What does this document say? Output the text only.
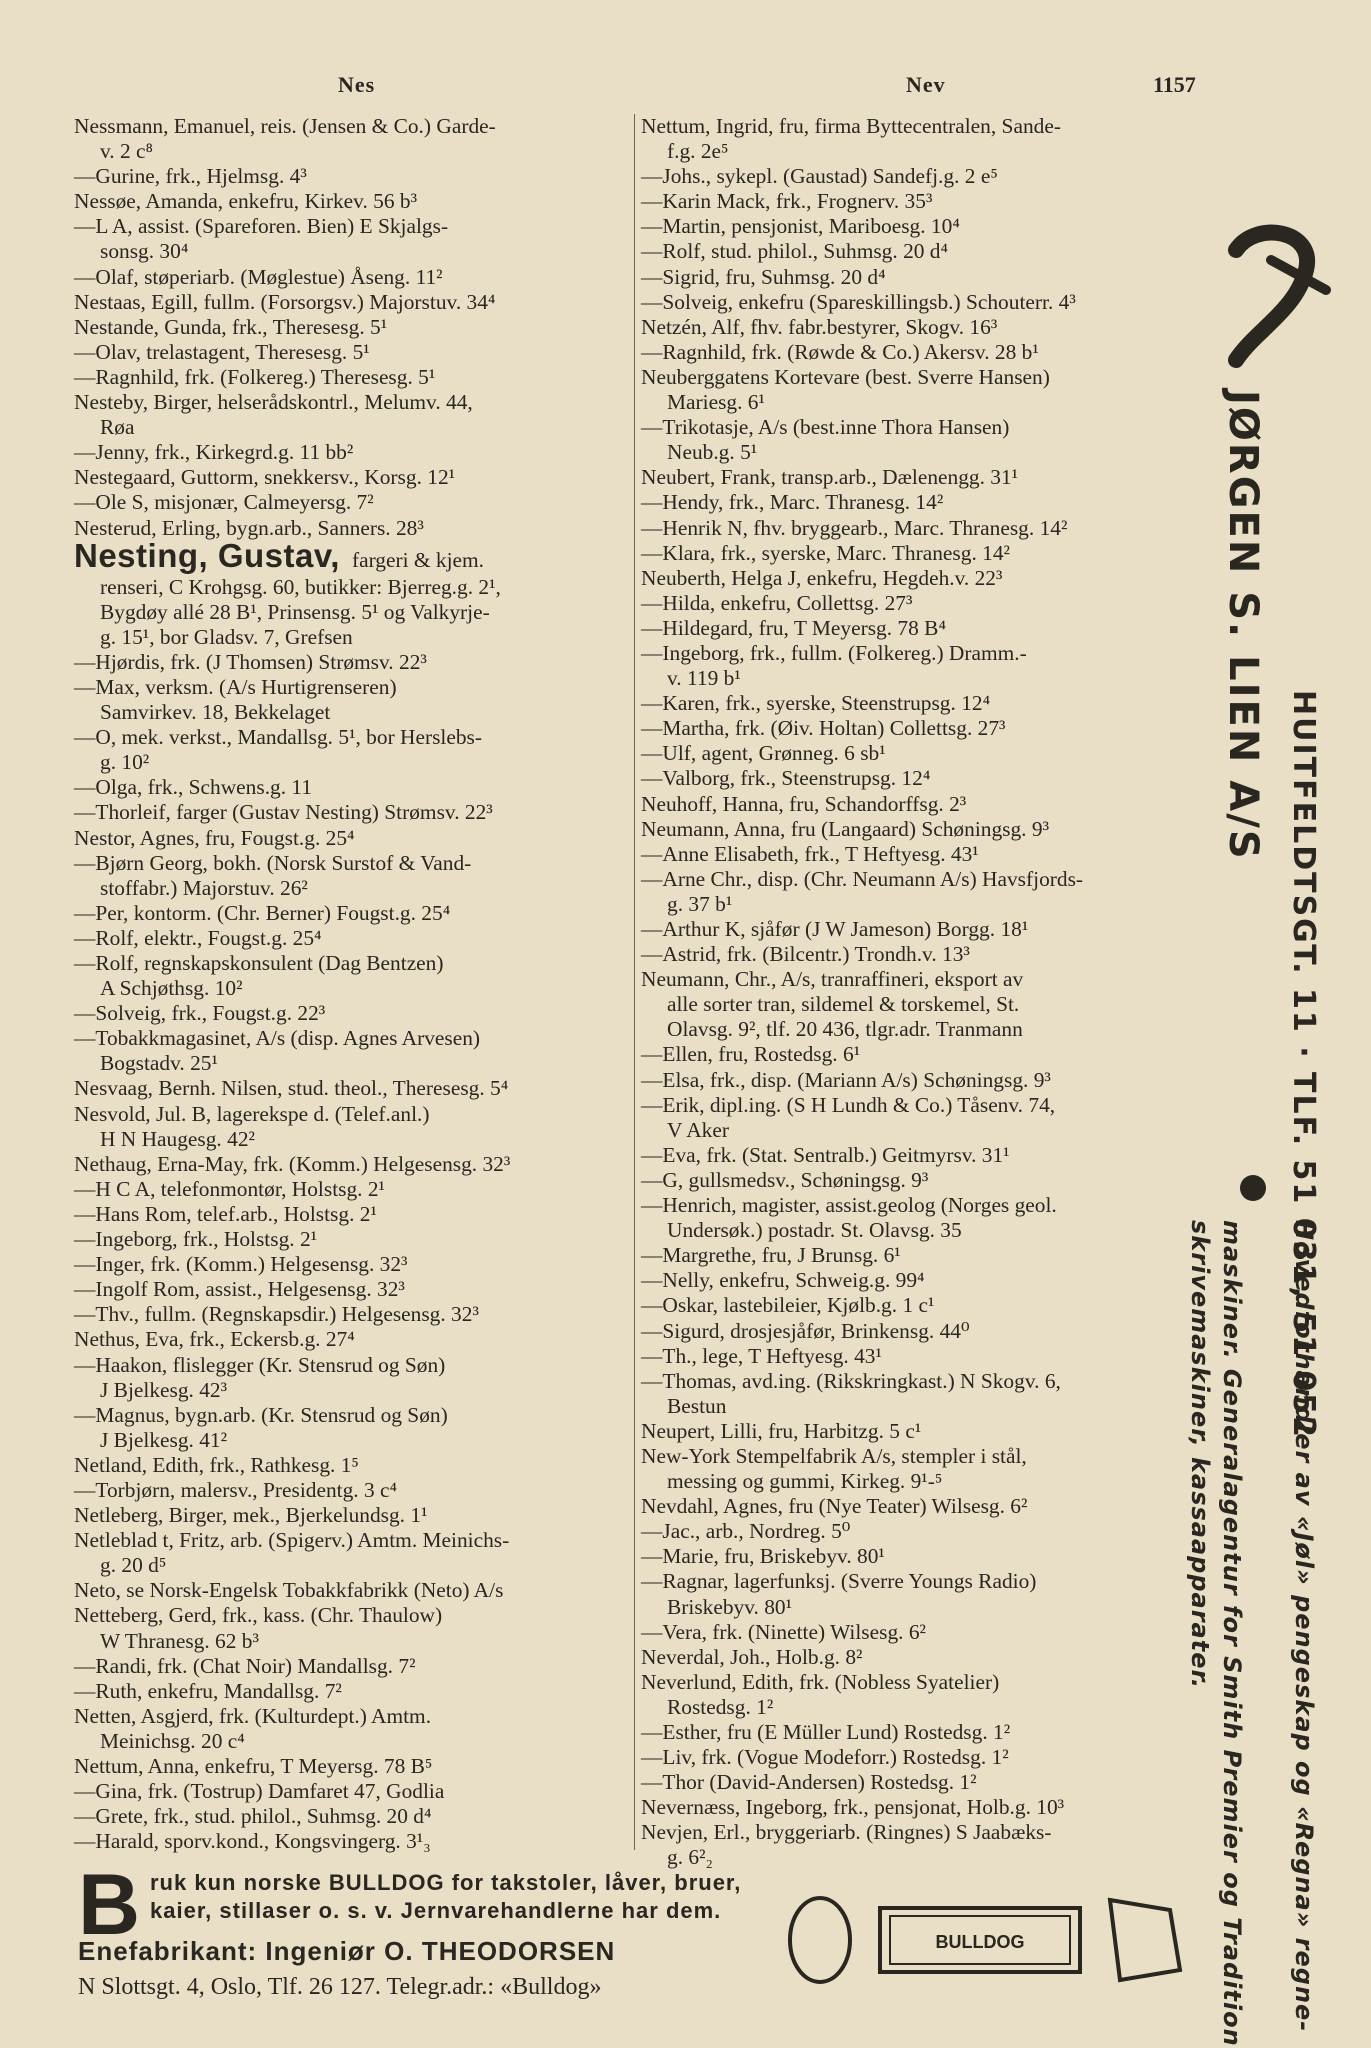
Nes	Nev	1157
Nessmann, Emanuel, reis. (Jensen & Co.) Garde-
v. 2 c⁸
—Gurine, frk., Hjelmsg. 4³
Nessøe, Amanda, enkefru, Kirkev. 56 b³
—L A, assist. (Spareforen. Bien) E Skjalgs-
sonsg. 30⁴
—Olaf, støperiarb. (Møglestue) Åseng. 11²
Nestaas, Egill, fullm. (Forsorgsv.) Majorstuv. 34⁴
Nestande, Gunda, frk., Theresesg. 5¹
—Olav, trelastagent, Theresesg. 5¹
—Ragnhild, frk. (Folkereg.) Theresesg. 5¹
Nesteby, Birger, helserådskontrl., Melumv. 44,
Røa
—Jenny, frk., Kirkegrd.g. 11 bb²
Nestegaard, Guttorm, snekkersv., Korsg. 12¹
—Ole S, misjonær, Calmeyersg. 7²
Nesterud, Erling, bygn.arb., Sanners. 28³
Nesting, Gustav, fargeri & kjem.
renseri, C Krohgsg. 60, butikker: Bjerreg.g. 2¹,
Bygdøy allé 28 B¹, Prinsensg. 5¹ og Valkyrje-
g. 15¹, bor Gladsv. 7, Grefsen
—Hjørdis, frk. (J Thomsen) Strømsv. 22³
—Max, verksm. (A/s Hurtigrenseren)
Samvirkev. 18, Bekkelaget
—O, mek. verkst., Mandallsg. 5¹, bor Herslebs-
g. 10²
—Olga, frk., Schwens.g. 11
—Thorleif, farger (Gustav Nesting) Strømsv. 22³
Nestor, Agnes, fru, Fougst.g. 25⁴
—Bjørn Georg, bokh. (Norsk Surstof & Vand-
stoffabr.) Majorstuv. 26²
—Per, kontorm. (Chr. Berner) Fougst.g. 25⁴
—Rolf, elektr., Fougst.g. 25⁴
—Rolf, regnskapskonsulent (Dag Bentzen)
A Schjøthsg. 10²
—Solveig, frk., Fougst.g. 22³
—Tobakkmagasinet, A/s (disp. Agnes Arvesen)
Bogstadv. 25¹
Nesvaag, Bernh. Nilsen, stud. theol., Theresesg. 5⁴
Nesvold, Jul. B, lagerekspe d. (Telef.anl.)
H N Haugesg. 42²
Nethaug, Erna-May, frk. (Komm.) Helgesensg. 32³
—H C A, telefonmontør, Holstsg. 2¹
—Hans Rom, telef.arb., Holstsg. 2¹
—Ingeborg, frk., Holstsg. 2¹
—Inger, frk. (Komm.) Helgesensg. 32³
—Ingolf Rom, assist., Helgesensg. 32³
—Thv., fullm. (Regnskapsdir.) Helgesensg. 32³
Nethus, Eva, frk., Eckersb.g. 27⁴
—Haakon, flislegger (Kr. Stensrud og Søn)
J Bjelkesg. 42³
—Magnus, bygn.arb. (Kr. Stensrud og Søn)
J Bjelkesg. 41²
Netland, Edith, frk., Rathkesg. 1⁵
—Torbjørn, malersv., Presidentg. 3 c⁴
Netleberg, Birger, mek., Bjerkelundsg. 1¹
Netleblad t, Fritz, arb. (Spigerv.) Amtm. Meinichs-
g. 20 d⁵
Neto, se Norsk-Engelsk Tobakkfabrikk (Neto) A/s
Netteberg, Gerd, frk., kass. (Chr. Thaulow)
W Thranesg. 62 b³
—Randi, frk. (Chat Noir) Mandallsg. 7²
—Ruth, enkefru, Mandallsg. 7²
Netten, Asgjerd, frk. (Kulturdept.) Amtm.
Meinichsg. 20 c⁴
Nettum, Anna, enkefru, T Meyersg. 78 B⁵
—Gina, frk. (Tostrup) Damfaret 47, Godlia
—Grete, frk., stud. philol., Suhmsg. 20 d⁴
—Harald, sporv.kond., Kongsvingerg. 3¹₃
Nettum, Ingrid, fru, firma Byttecentralen, Sande-
f.g. 2e⁵
—Johs., sykepl. (Gaustad) Sandefj.g. 2 e⁵
—Karin Mack, frk., Frognerv. 35³
—Martin, pensjonist, Mariboesg. 10⁴
—Rolf, stud. philol., Suhmsg. 20 d⁴
—Sigrid, fru, Suhmsg. 20 d⁴
—Solveig, enkefru (Spareskillingsb.) Schouterr. 4³
Netzén, Alf, fhv. fabr.bestyrer, Skogv. 16³
—Ragnhild, frk. (Røwde & Co.) Akersv. 28 b¹
Neuberggatens Kortevare (best. Sverre Hansen)
Mariesg. 6¹
—Trikotasje, A/s (best.inne Thora Hansen)
Neub.g. 5¹
Neubert, Frank, transp.arb., Dælenengg. 31¹
—Hendy, frk., Marc. Thranesg. 14²
—Henrik N, fhv. bryggearb., Marc. Thranesg. 14²
—Klara, frk., syerske, Marc. Thranesg. 14²
Neuberth, Helga J, enkefru, Hegdeh.v. 22³
—Hilda, enkefru, Collettsg. 27³
—Hildegard, fru, T Meyersg. 78 B⁴
—Ingeborg, frk., fullm. (Folkereg.) Dramm.-
v. 119 b¹
—Karen, frk., syerske, Steenstrupsg. 12⁴
—Martha, frk. (Øiv. Holtan) Collettsg. 27³
—Ulf, agent, Grønneg. 6 sb¹
—Valborg, frk., Steenstrupsg. 12⁴
Neuhoff, Hanna, fru, Schandorffsg. 2³
Neumann, Anna, fru (Langaard) Schøningsg. 9³
—Anne Elisabeth, frk., T Heftyesg. 43¹
—Arne Chr., disp. (Chr. Neumann A/s) Havsfjords-
g. 37 b¹
—Arthur K, sjåfør (J W Jameson) Borgg. 18¹
—Astrid, frk. (Bilcentr.) Trondh.v. 13³
Neumann, Chr., A/s, tranraffineri, eksport av
alle sorter tran, sildemel & torskemel, St.
Olavsg. 9², tlf. 20 436, tlgr.adr. Tranmann
—Ellen, fru, Rostedsg. 6¹
—Elsa, frk., disp. (Mariann A/s) Schøningsg. 9³
—Erik, dipl.ing. (S H Lundh & Co.) Tåsenv. 74,
V Aker
—Eva, frk. (Stat. Sentralb.) Geitmyrsv. 31¹
—G, gullsmedsv., Schøningsg. 9³
—Henrich, magister, assist.geolog (Norges geol.
Undersøk.) postadr. St. Olavsg. 35
—Margrethe, fru, J Brunsg. 6¹
—Nelly, enkefru, Schweig.g. 99⁴
—Oskar, lastebileier, Kjølb.g. 1 c¹
—Sigurd, drosjesjåfør, Brinkensg. 44⁰
—Th., lege, T Heftyesg. 43¹
—Thomas, avd.ing. (Rikskringkast.) N Skogv. 6,
Bestun
Neupert, Lilli, fru, Harbitzg. 5 c¹
New-York Stempelfabrik A/s, stempler i stål,
messing og gummi, Kirkeg. 9¹-⁵
Nevdahl, Agnes, fru (Nye Teater) Wilsesg. 6²
—Jac., arb., Nordreg. 5⁰
—Marie, fru, Briskebyv. 80¹
—Ragnar, lagerfunksj. (Sverre Youngs Radio)
Briskebyv. 80¹
—Vera, frk. (Ninette) Wilsesg. 6²
Neverdal, Joh., Holb.g. 8²
Neverlund, Edith, frk. (Nobless Syatelier)
Rostedsg. 1²
—Esther, fru (E Müller Lund) Rostedsg. 1²
—Liv, frk. (Vogue Modeforr.) Rostedsg. 1²
—Thor (David-Andersen) Rostedsg. 1²
Nevernæss, Ingeborg, frk., pensjonat, Holb.g. 10³
Nevjen, Erl., bryggeriarb. (Ringnes) S Jaabæks-
g. 6²₂
JØRGEN S. LIEN A/S
HUITFELDTSGT. 11 · TLF. 51 031, 51 052
Hovedforhandler av «Jøl» pengeskap og «Regna» regne-
maskiner. Generalagentur for Smith Premier og Tradition
skrivemaskiner, kassaapparater.
B ruk kun norske BULLDOG for takstoler, låver, bruer,
kaier, stillaser o. s. v. Jernvarehandlerne har dem.
Enefabrikant: Ingeniør O. THEODORSEN
N Slottsgt. 4, Oslo, Tlf. 26 127. Telegr.adr.: «Bulldog»
BULLDOG
